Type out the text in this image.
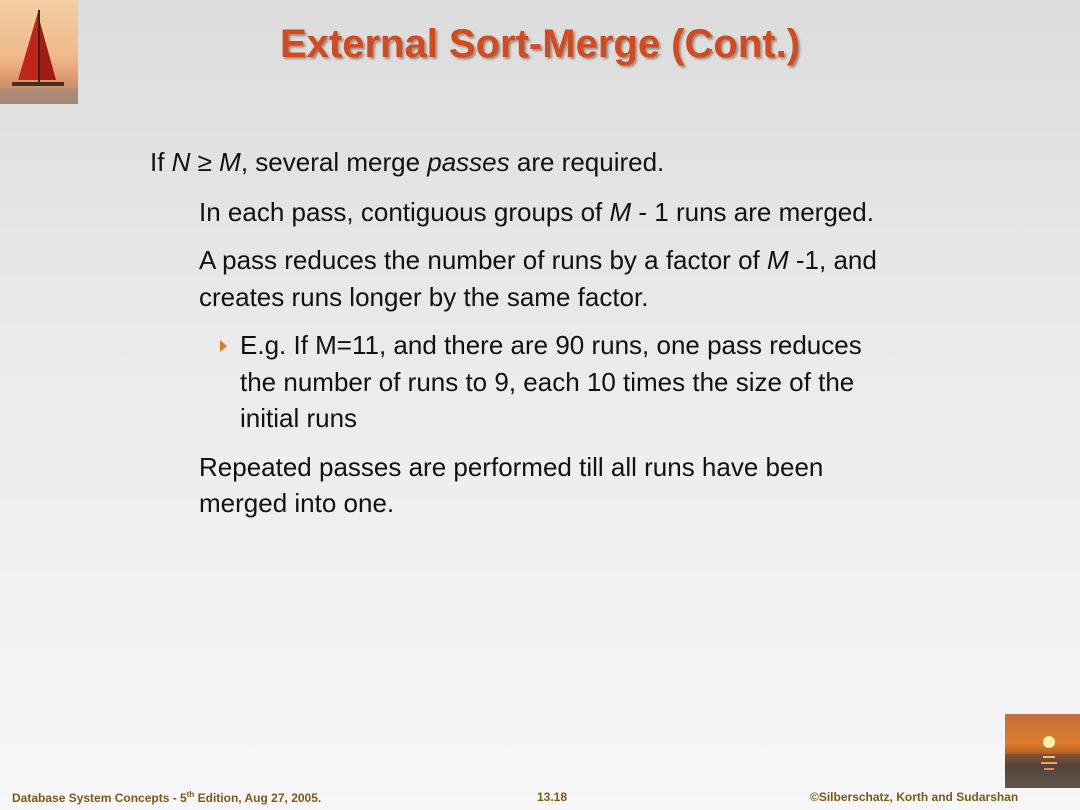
External Sort-Merge (Cont.)
If N ≥ M, several merge passes are required.
In each pass, contiguous groups of M - 1 runs are merged.
A pass reduces the number of runs by a factor of M -1, and
creates runs longer by the same factor.
E.g. If M=11, and there are 90 runs, one pass reduces
the number of runs to 9, each 10 times the size of the
initial runs
Repeated passes are performed till all runs have been
merged into one.
Database System Concepts - 5th Edition, Aug 27, 2005.	13.18	©Silberschatz, Korth and Sudarshan
